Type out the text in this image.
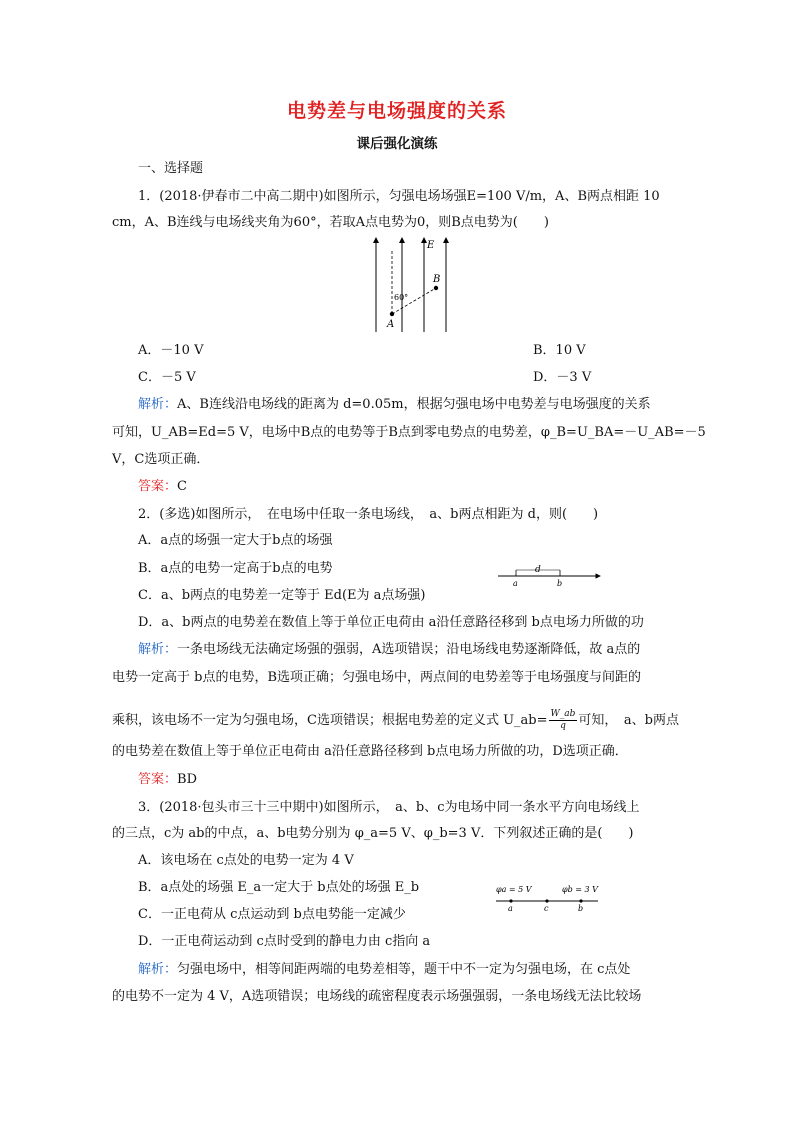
电势差与电场强度的关系
课后强化演练
一、选择题
1．(2018·伊春市二中高二期中)如图所示，匀强电场场强E=100 V/m，A、B两点相距 10
cm，A、B连线与电场线夹角为60°，若取A点电势为0，则B点电势为(　　)
E
B
A
60°
A．－10 V	B．10 V
C．－5 V	D．－3 V
解析：A、B连线沿电场线的距离为 d=0.05m，根据匀强电场中电势差与电场强度的关系
可知，U_AB=Ed=5 V，电场中B点的电势等于B点到零电势点的电势差，φ_B=U_BA=－U_AB=－5
V，C选项正确．
答案：C
2．(多选)如图所示，　在电场中任取一条电场线，　a、b两点相距为 d，则(　　)
A．a点的场强一定大于b点的场强
B．a点的电势一定高于b点的电势
C．a、b两点的电势差一定等于 Ed(E为 a点场强)
D．a、b两点的电势差在数值上等于单位正电荷由 a沿任意路径移到 b点电场力所做的功
d
a	b
解析：一条电场线无法确定场强的强弱，A选项错误；沿电场线电势逐渐降低，故 a点的
电势一定高于 b点的电势，B选项正确；匀强电场中，两点间的电势差等于电场强度与间距的
乘积，该电场不一定为匀强电场，C选项错误；根据电势差的定义式 U_ab= $\frac{W\_ab}{q}$ 可知，　a、b两点
的电势差在数值上等于单位正电荷由 a沿任意路径移到 b点电场力所做的功，D选项正确．
答案：BD
3．(2018·包头市三十三中期中)如图所示，　a、b、c为电场中同一条水平方向电场线上
的三点，c为 ab的中点，a、b电势分别为 φ_a=5 V、φ_b=3 V．下列叙述正确的是(　　)
A．该电场在 c点处的电势一定为 4 V
B．a点处的场强 E_a一定大于 b点处的场强 E_b
C．一正电荷从 c点运动到 b点电势能一定减少
D．一正电荷运动到 c点时受到的静电力由 c指向 a
φa = 5 V	φb = 3 V
a	c	b
解析：匀强电场中，相等间距两端的电势差相等，题干中不一定为匀强电场，在 c点处
的电势不一定为 4 V，A选项错误；电场线的疏密程度表示场强强弱，一条电场线无法比较场
